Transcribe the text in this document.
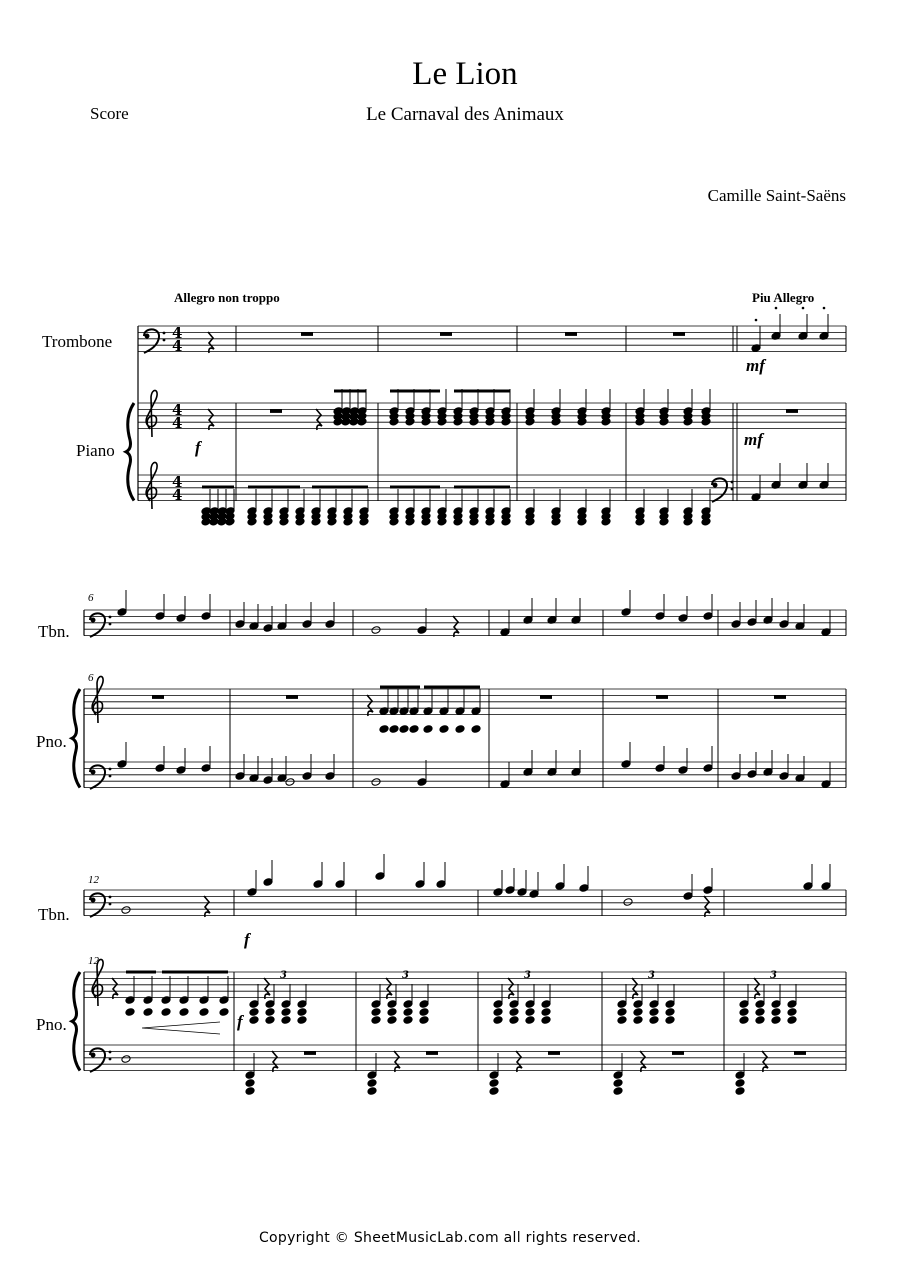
4
4
4
4
4
4
3	3	3	3	3
Le Lion
Le Carnaval des Animaux
Score
Camille Saint-Saëns
Allegro non troppo	Piu Allegro
Trombone
Piano
Tbn.
Pno.
Tbn.
Pno.
6
6
12
12
f
mf
mf
f
f
Copyright © SheetMusicLab.com all rights reserved.
